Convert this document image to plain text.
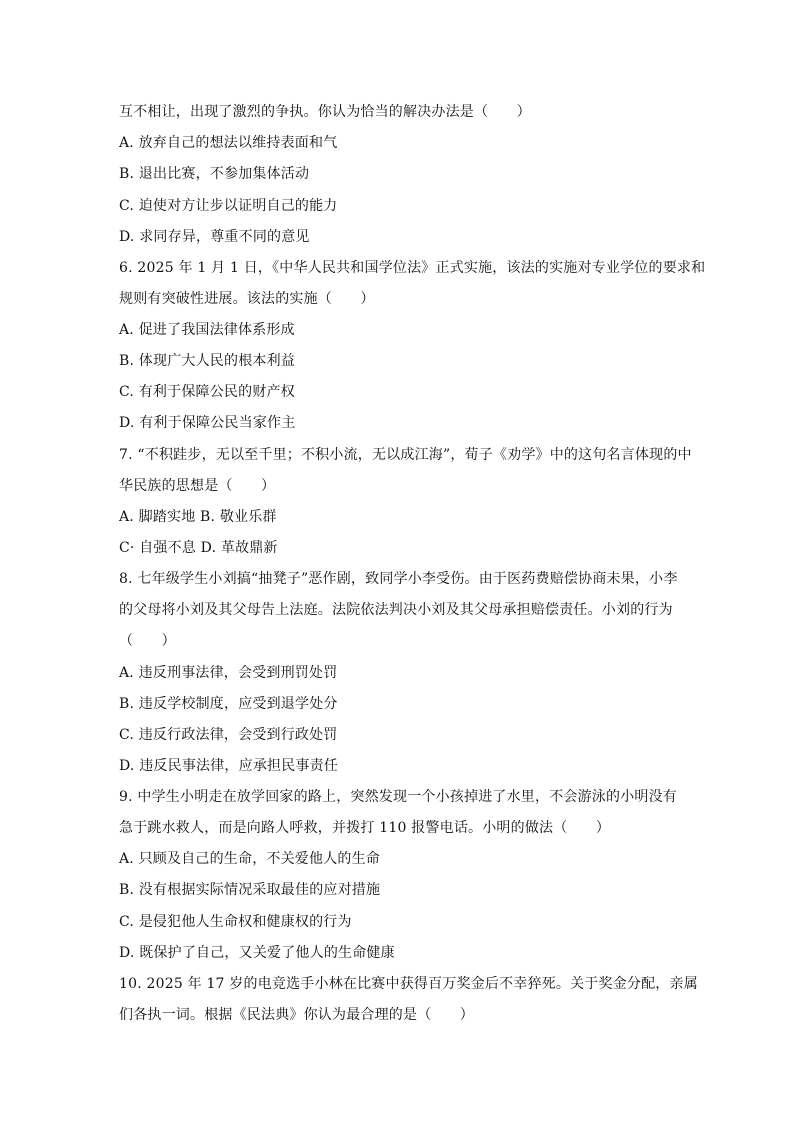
互不相让，出现了激烈的争执。你认为恰当的解决办法是（　　）
A. 放弃自己的想法以维持表面和气
B. 退出比赛，不参加集体活动
C. 迫使对方让步以证明自己的能力
D. 求同存异，尊重不同的意见
6. 2025 年 1 月 1 日，《中华人民共和国学位法》正式实施，该法的实施对专业学位的要求和
规则有突破性进展。该法的实施（　　）
A. 促进了我国法律体系形成
B. 体现广大人民的根本利益
C. 有利于保障公民的财产权
D. 有利于保障公民当家作主
7. “不积跬步，无以至千里；不积小流，无以成江海”，荀子《劝学》中的这句名言体现的中
华民族的思想是（　　）
A. 脚踏实地 B. 敬业乐群
C· 自强不息 D. 革故鼎新
8. 七年级学生小刘搞“抽凳子”恶作剧，致同学小李受伤。由于医药费赔偿协商未果，小李
的父母将小刘及其父母告上法庭。法院依法判决小刘及其父母承担赔偿责任。小刘的行为
（　　）
A. 违反刑事法律，会受到刑罚处罚
B. 违反学校制度，应受到退学处分
C. 违反行政法律，会受到行政处罚
D. 违反民事法律，应承担民事责任
9. 中学生小明走在放学回家的路上，突然发现一个小孩掉进了水里，不会游泳的小明没有
急于跳水救人，而是向路人呼救，并拨打 110 报警电话。小明的做法（　　）
A. 只顾及自己的生命，不关爱他人的生命
B. 没有根据实际情况采取最佳的应对措施
C. 是侵犯他人生命权和健康权的行为
D. 既保护了自己，又关爱了他人的生命健康
10. 2025 年 17 岁的电竞选手小林在比赛中获得百万奖金后不幸猝死。关于奖金分配，亲属
们各执一词。根据《民法典》你认为最合理的是（　　）
